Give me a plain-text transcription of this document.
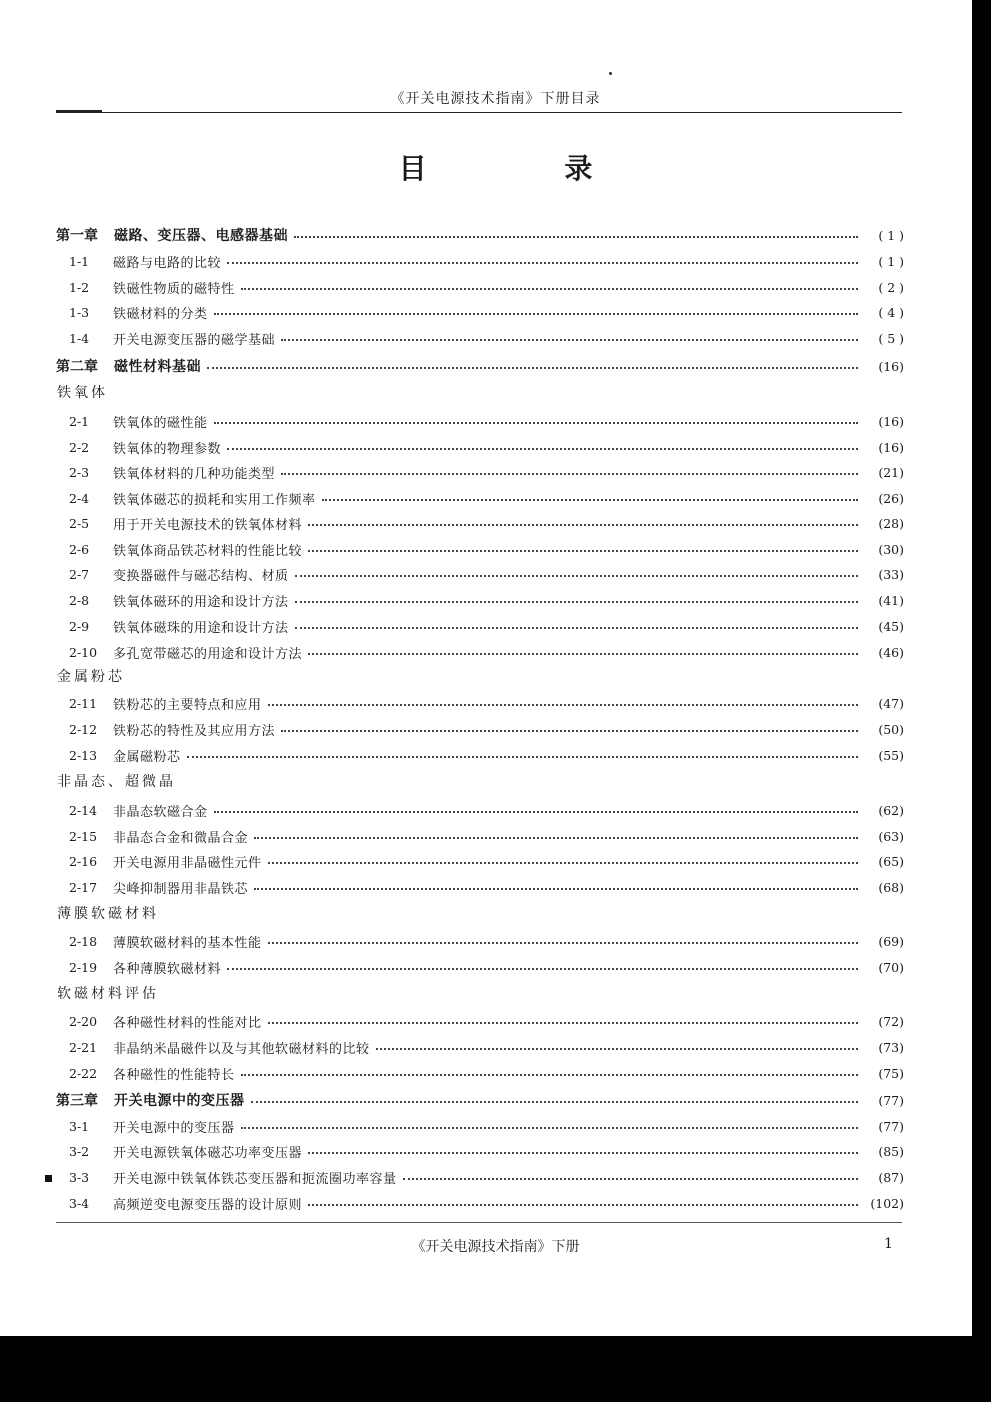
《开关电源技术指南》下册目录
目 录
第一章 磁路、变压器、电感器基础	( 1 )
1-1	磁路与电路的比较	( 1 )
1-2	铁磁性物质的磁特性	( 2 )
1-3	铁磁材料的分类	( 4 )
1-4	开关电源变压器的磁学基础	( 5 )
第二章 磁性材料基础	(16)
铁氧体
2-1	铁氧体的磁性能	(16)
2-2	铁氧体的物理参数	(16)
2-3	铁氧体材料的几种功能类型	(21)
2-4	铁氧体磁芯的损耗和实用工作频率	(26)
2-5	用于开关电源技术的铁氧体材料	(28)
2-6	铁氧体商品铁芯材料的性能比较	(30)
2-7	变换器磁件与磁芯结构、材质	(33)
2-8	铁氧体磁环的用途和设计方法	(41)
2-9	铁氧体磁珠的用途和设计方法	(45)
2-10	多孔宽带磁芯的用途和设计方法	(46)
金属粉芯
2-11	铁粉芯的主要特点和应用	(47)
2-12	铁粉芯的特性及其应用方法	(50)
2-13	金属磁粉芯	(55)
非晶态、超微晶
2-14	非晶态软磁合金	(62)
2-15	非晶态合金和微晶合金	(63)
2-16	开关电源用非晶磁性元件	(65)
2-17	尖峰抑制器用非晶铁芯	(68)
薄膜软磁材料
2-18	薄膜软磁材料的基本性能	(69)
2-19	各种薄膜软磁材料	(70)
软磁材料评估
2-20	各种磁性材料的性能对比	(72)
2-21	非晶纳米晶磁件以及与其他软磁材料的比较	(73)
2-22	各种磁性的性能特长	(75)
第三章 开关电源中的变压器	(77)
3-1	开关电源中的变压器	(77)
3-2	开关电源铁氧体磁芯功率变压器	(85)
3-3	开关电源中铁氧体铁芯变压器和扼流圈功率容量	(87)
3-4	高频逆变电源变压器的设计原则	(102)
《开关电源技术指南》下册	1
